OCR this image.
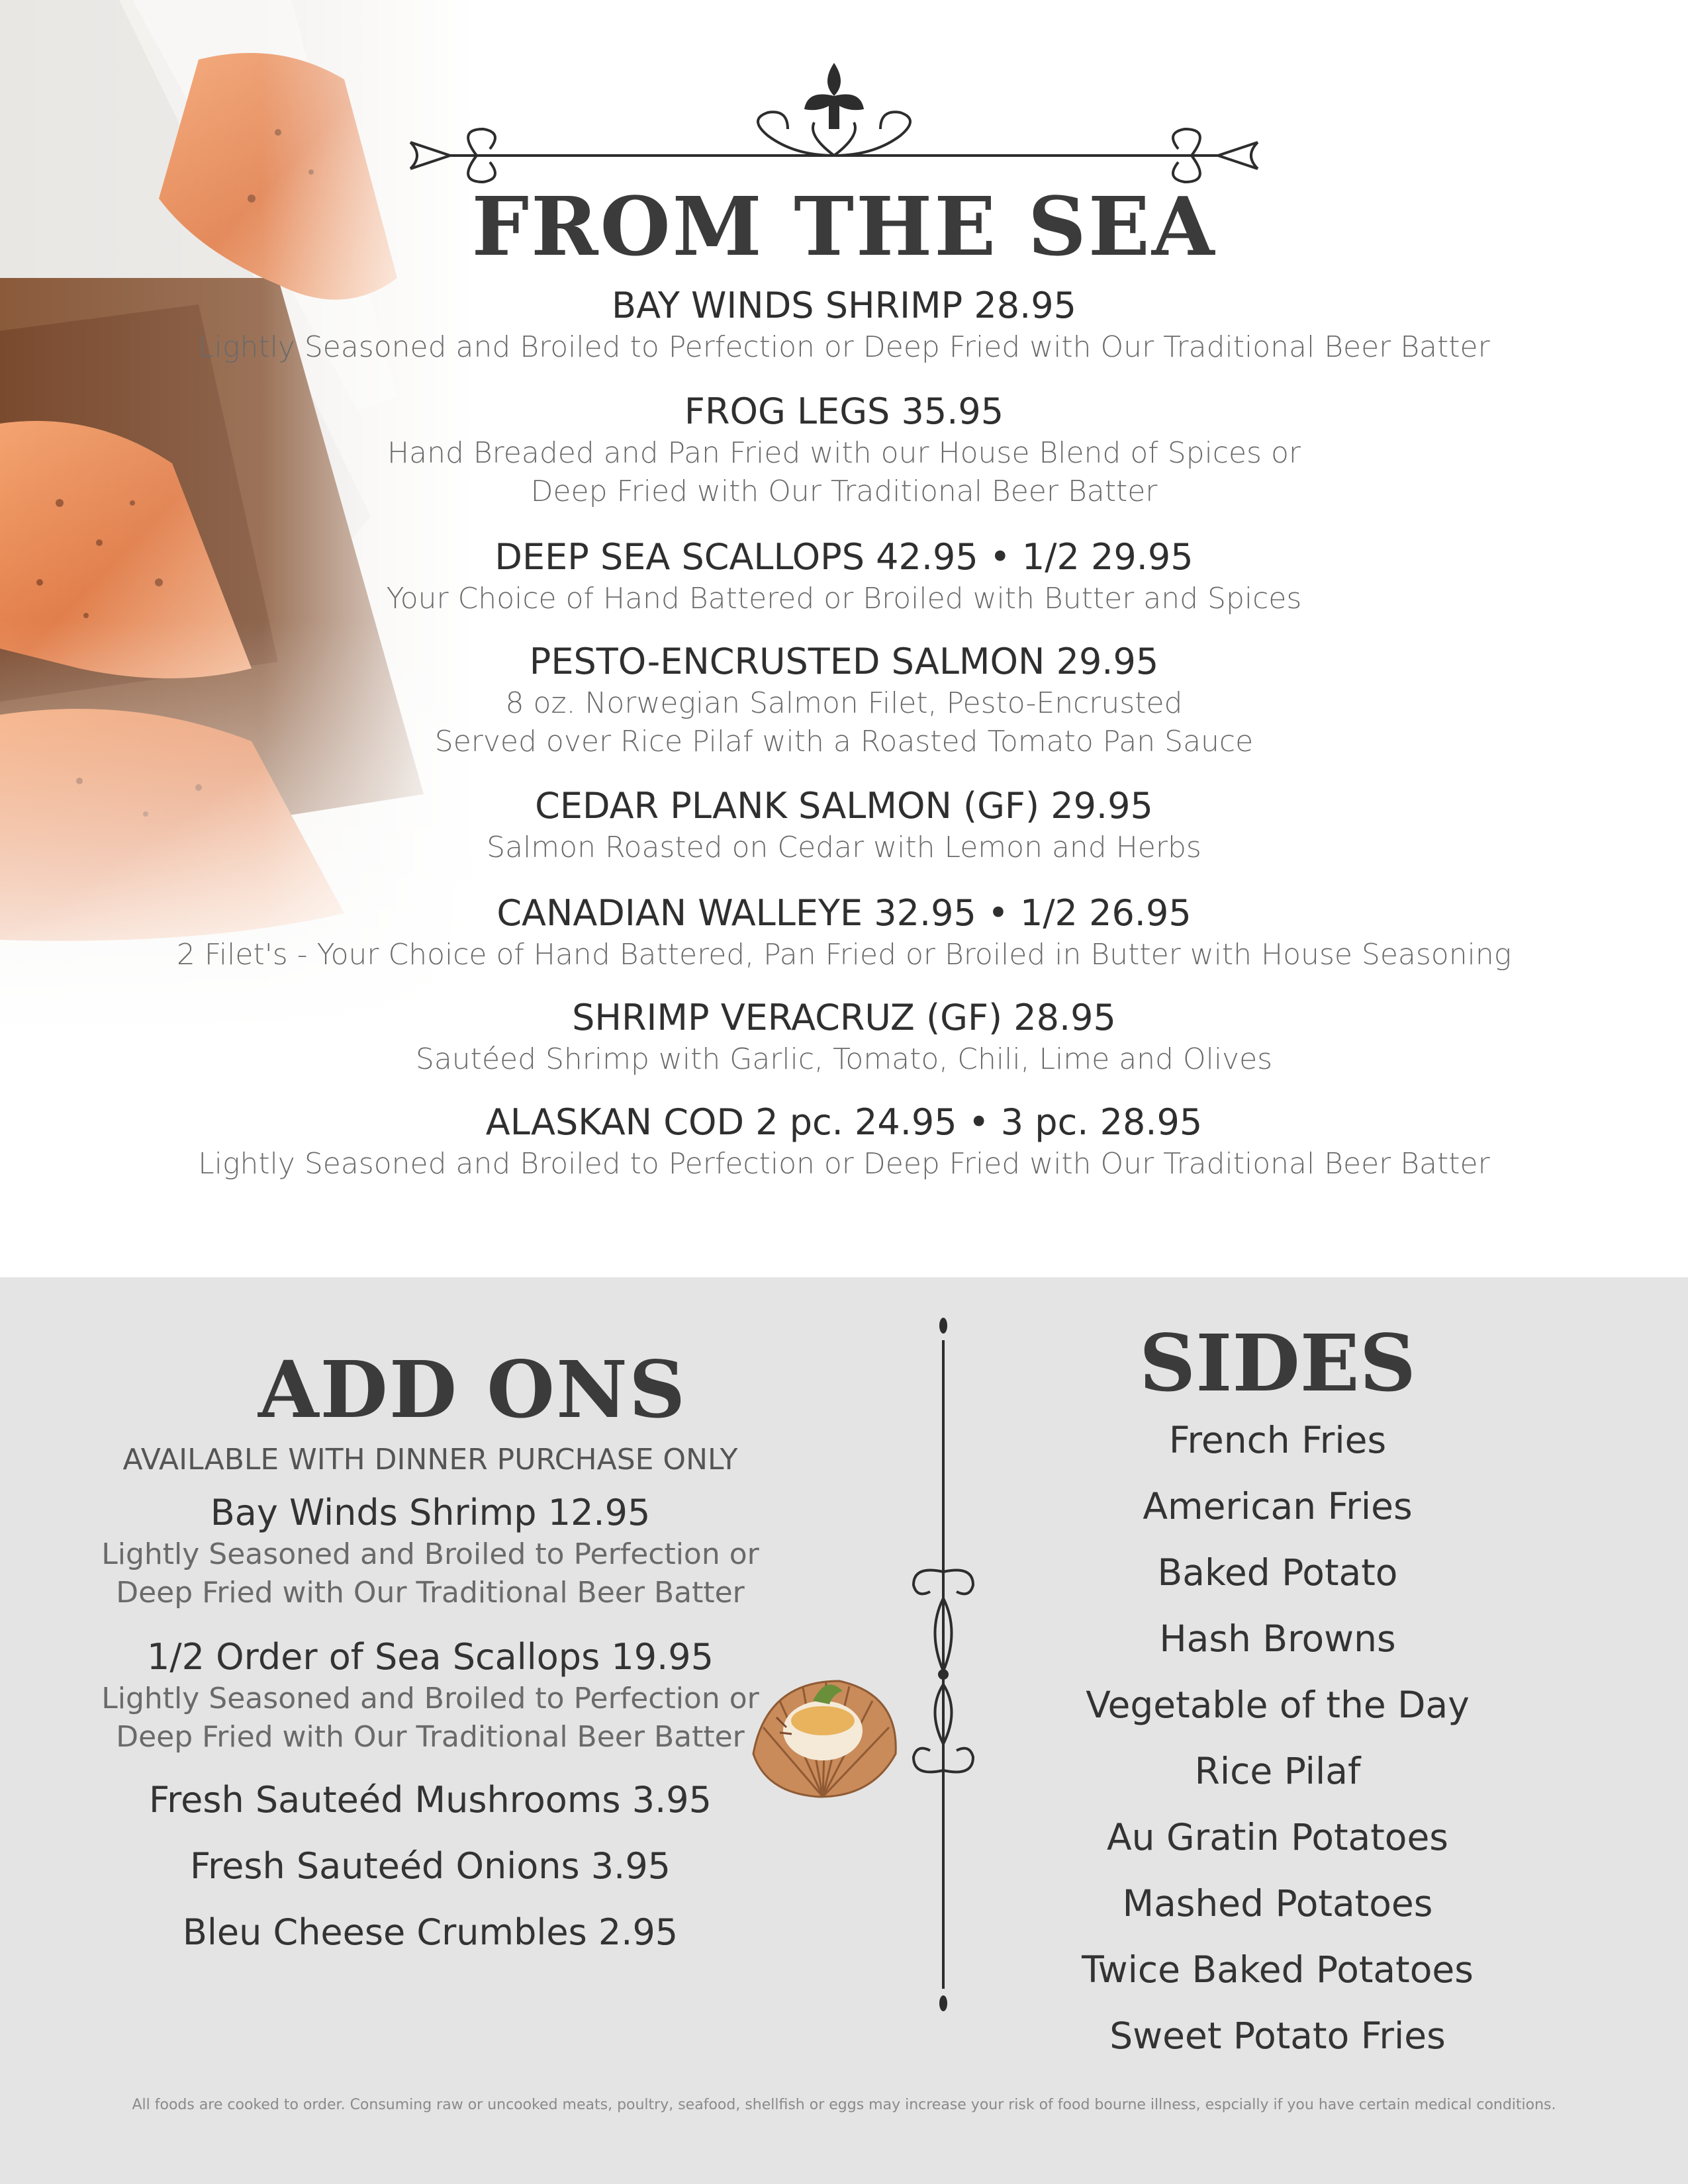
FROM THE SEA
BAY WINDS SHRIMP 28.95
Lightly Seasoned and Broiled to Perfection or Deep Fried with Our Traditional Beer Batter
FROG LEGS 35.95
Hand Breaded and Pan Fried with our House Blend of Spices or
Deep Fried with Our Traditional Beer Batter
DEEP SEA SCALLOPS 42.95 • 1/2 29.95
Your Choice of Hand Battered or Broiled with Butter and Spices
PESTO-ENCRUSTED SALMON 29.95
8 oz. Norwegian Salmon Filet, Pesto-Encrusted
Served over Rice Pilaf with a Roasted Tomato Pan Sauce
CEDAR PLANK SALMON (GF) 29.95
Salmon Roasted on Cedar with Lemon and Herbs
CANADIAN WALLEYE 32.95 • 1/2 26.95
2 Filet's - Your Choice of Hand Battered, Pan Fried or Broiled in Butter with House Seasoning
SHRIMP VERACRUZ (GF) 28.95
Sautéed Shrimp with Garlic, Tomato, Chili, Lime and Olives
ALASKAN COD 2 pc. 24.95 • 3 pc. 28.95
Lightly Seasoned and Broiled to Perfection or Deep Fried with Our Traditional Beer Batter
ADD ONS
AVAILABLE WITH DINNER PURCHASE ONLY
Bay Winds Shrimp 12.95
Lightly Seasoned and Broiled to Perfection or
Deep Fried with Our Traditional Beer Batter
1/2 Order of Sea Scallops 19.95
Lightly Seasoned and Broiled to Perfection or
Deep Fried with Our Traditional Beer Batter
Fresh Sauteéd Mushrooms 3.95
Fresh Sauteéd Onions 3.95
Bleu Cheese Crumbles 2.95
SIDES
French Fries
American Fries
Baked Potato
Hash Browns
Vegetable of the Day
Rice Pilaf
Au Gratin Potatoes
Mashed Potatoes
Twice Baked Potatoes
Sweet Potato Fries
All foods are cooked to order. Consuming raw or uncooked meats, poultry, seafood, shellfish or eggs may increase your risk of food bourne illness, espcially if you have certain medical conditions.
